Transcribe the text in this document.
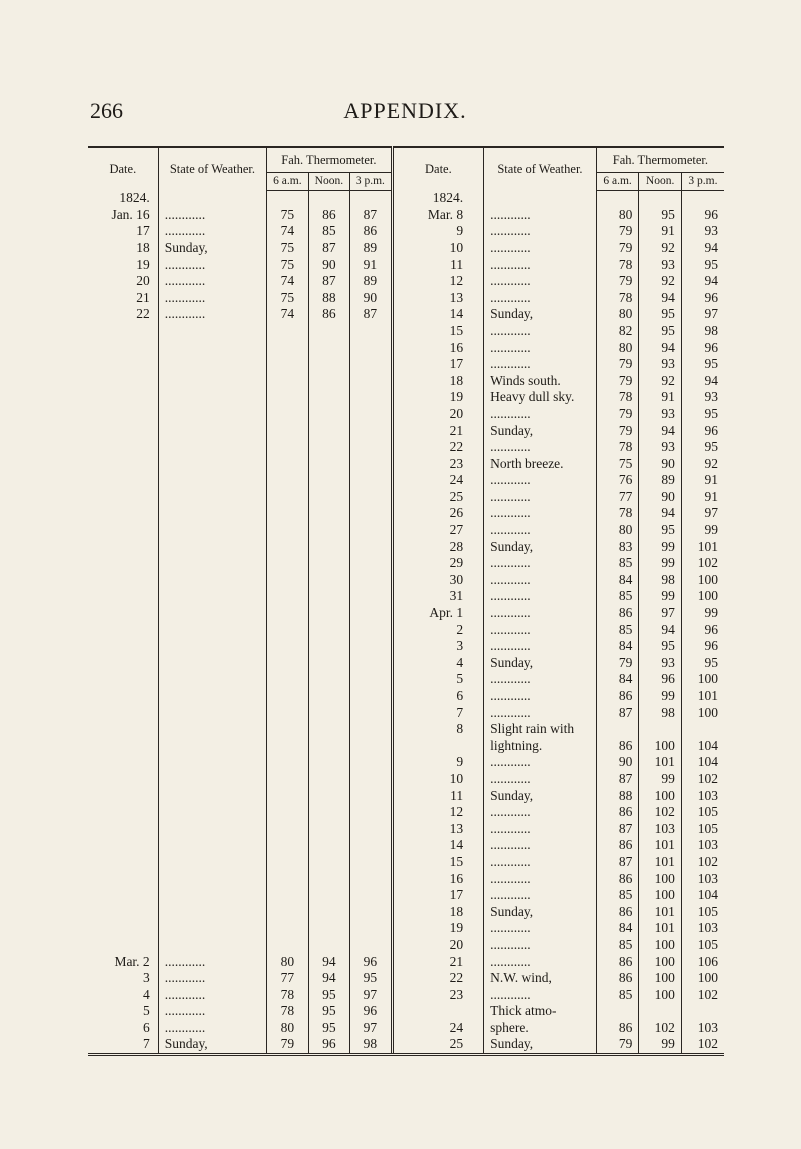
266	APPENDIX.
Date.	State of Weather.	Fah. Thermometer.			Date.	State of Weather.	Fah. Thermometer.		
		6 a.m.	Noon.	3 p.m.			6 a.m.	Noon.	3 p.m.
1824.					1824.				
Jan. 16	............	75	86	87	Mar. 8	............	80	95	96
17	............	74	85	86	9	............	79	91	93
18	Sunday,	75	87	89	10	............	79	92	94
19	............	75	90	91	11	............	78	93	95
20	............	74	87	89	12	............	79	92	94
21	............	75	88	90	13	............	78	94	96
22	............	74	86	87	14	Sunday,	80	95	97
					15	............	82	95	98
					16	............	80	94	96
					17	............	79	93	95
					18	Winds south.	79	92	94
					19	Heavy dull sky.	78	91	93
					20	............	79	93	95
					21	Sunday,	79	94	96
					22	............	78	93	95
					23	North breeze.	75	90	92
					24	............	76	89	91
					25	............	77	90	91
					26	............	78	94	97
					27	............	80	95	99
					28	Sunday,	83	99	101
					29	............	85	99	102
					30	............	84	98	100
					31	............	85	99	100
					Apr. 1	............	86	97	99
					2	............	85	94	96
					3	............	84	95	96
					4	Sunday,	79	93	95
					5	............	84	96	100
					6	............	86	99	101
					7	............	87	98	100
					8	Slight rain with			
						lightning.	86	100	104
					9	............	90	101	104
					10	............	87	99	102
					11	Sunday,	88	100	103
					12	............	86	102	105
					13	............	87	103	105
					14	............	86	101	103
					15	............	87	101	102
					16	............	86	100	103
					17	............	85	100	104
					18	Sunday,	86	101	105
					19	............	84	101	103
					20	............	85	100	105
Mar. 2	............	80	94	96	21	............	86	100	106
3	............	77	94	95	22	N.W. wind,	86	100	100
4	............	78	95	97	23	............	85	100	102
5	............	78	95	96		Thick atmo-			
6	............	80	95	97	24	sphere.	86	102	103
7	Sunday,	79	96	98	25	Sunday,	79	99	102
